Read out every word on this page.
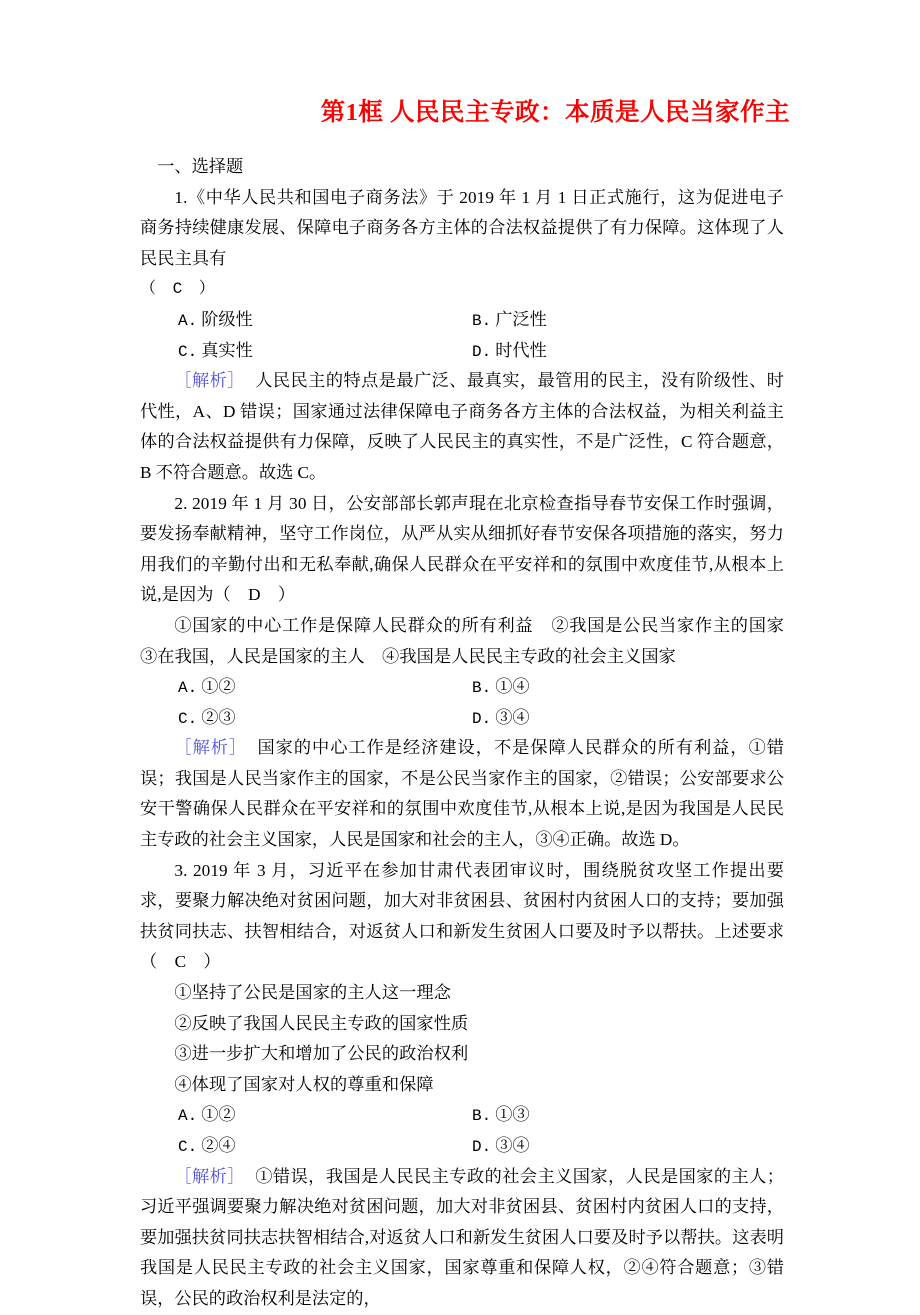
第1框 人民民主专政：本质是人民当家作主
一、选择题
1.《中华人民共和国电子商务法》于 2019 年 1 月 1 日正式施行，这为促进电子商务持续健康发展、保障电子商务各方主体的合法权益提供了有力保障。这体现了人民民主具有
（　C　）
A. 阶级性	B. 广泛性
C. 真实性	D. 时代性
［解析］ 人民民主的特点是最广泛、最真实，最管用的民主，没有阶级性、时代性，A、D 错误；国家通过法律保障电子商务各方主体的合法权益，为相关利益主体的合法权益提供有力保障，反映了人民民主的真实性，不是广泛性，C 符合题意，B 不符合题意。故选 C。
2. 2019 年 1 月 30 日，公安部部长郭声琨在北京检查指导春节安保工作时强调，要发扬奉献精神，坚守工作岗位，从严从实从细抓好春节安保各项措施的落实，努力用我们的辛勤付出和无私奉献,确保人民群众在平安祥和的氛围中欢度佳节,从根本上说,是因为（　D　）
①国家的中心工作是保障人民群众的所有利益　②我国是公民当家作主的国家　③在我国，人民是国家的主人　④我国是人民民主专政的社会主义国家
A. ①②	B. ①④
C. ②③	D. ③④
［解析］ 国家的中心工作是经济建设，不是保障人民群众的所有利益，①错误；我国是人民当家作主的国家，不是公民当家作主的国家，②错误；公安部要求公安干警确保人民群众在平安祥和的氛围中欢度佳节,从根本上说,是因为我国是人民民主专政的社会主义国家，人民是国家和社会的主人，③④正确。故选 D。
3. 2019 年 3 月，习近平在参加甘肃代表团审议时，围绕脱贫攻坚工作提出要求，要聚力解决绝对贫困问题，加大对非贫困县、贫困村内贫困人口的支持；要加强扶贫同扶志、扶智相结合，对返贫人口和新发生贫困人口要及时予以帮扶。上述要求（　C　）
①坚持了公民是国家的主人这一理念
②反映了我国人民民主专政的国家性质
③进一步扩大和增加了公民的政治权利
④体现了国家对人权的尊重和保障
A. ①②	B. ①③
C. ②④	D. ③④
［解析］ ①错误，我国是人民民主专政的社会主义国家，人民是国家的主人；习近平强调要聚力解决绝对贫困问题，加大对非贫困县、贫困村内贫困人口的支持，要加强扶贫同扶志扶智相结合,对返贫人口和新发生贫困人口要及时予以帮扶。这表明我国是人民民主专政的社会主义国家，国家尊重和保障人权，②④符合题意；③错误，公民的政治权利是法定的，
